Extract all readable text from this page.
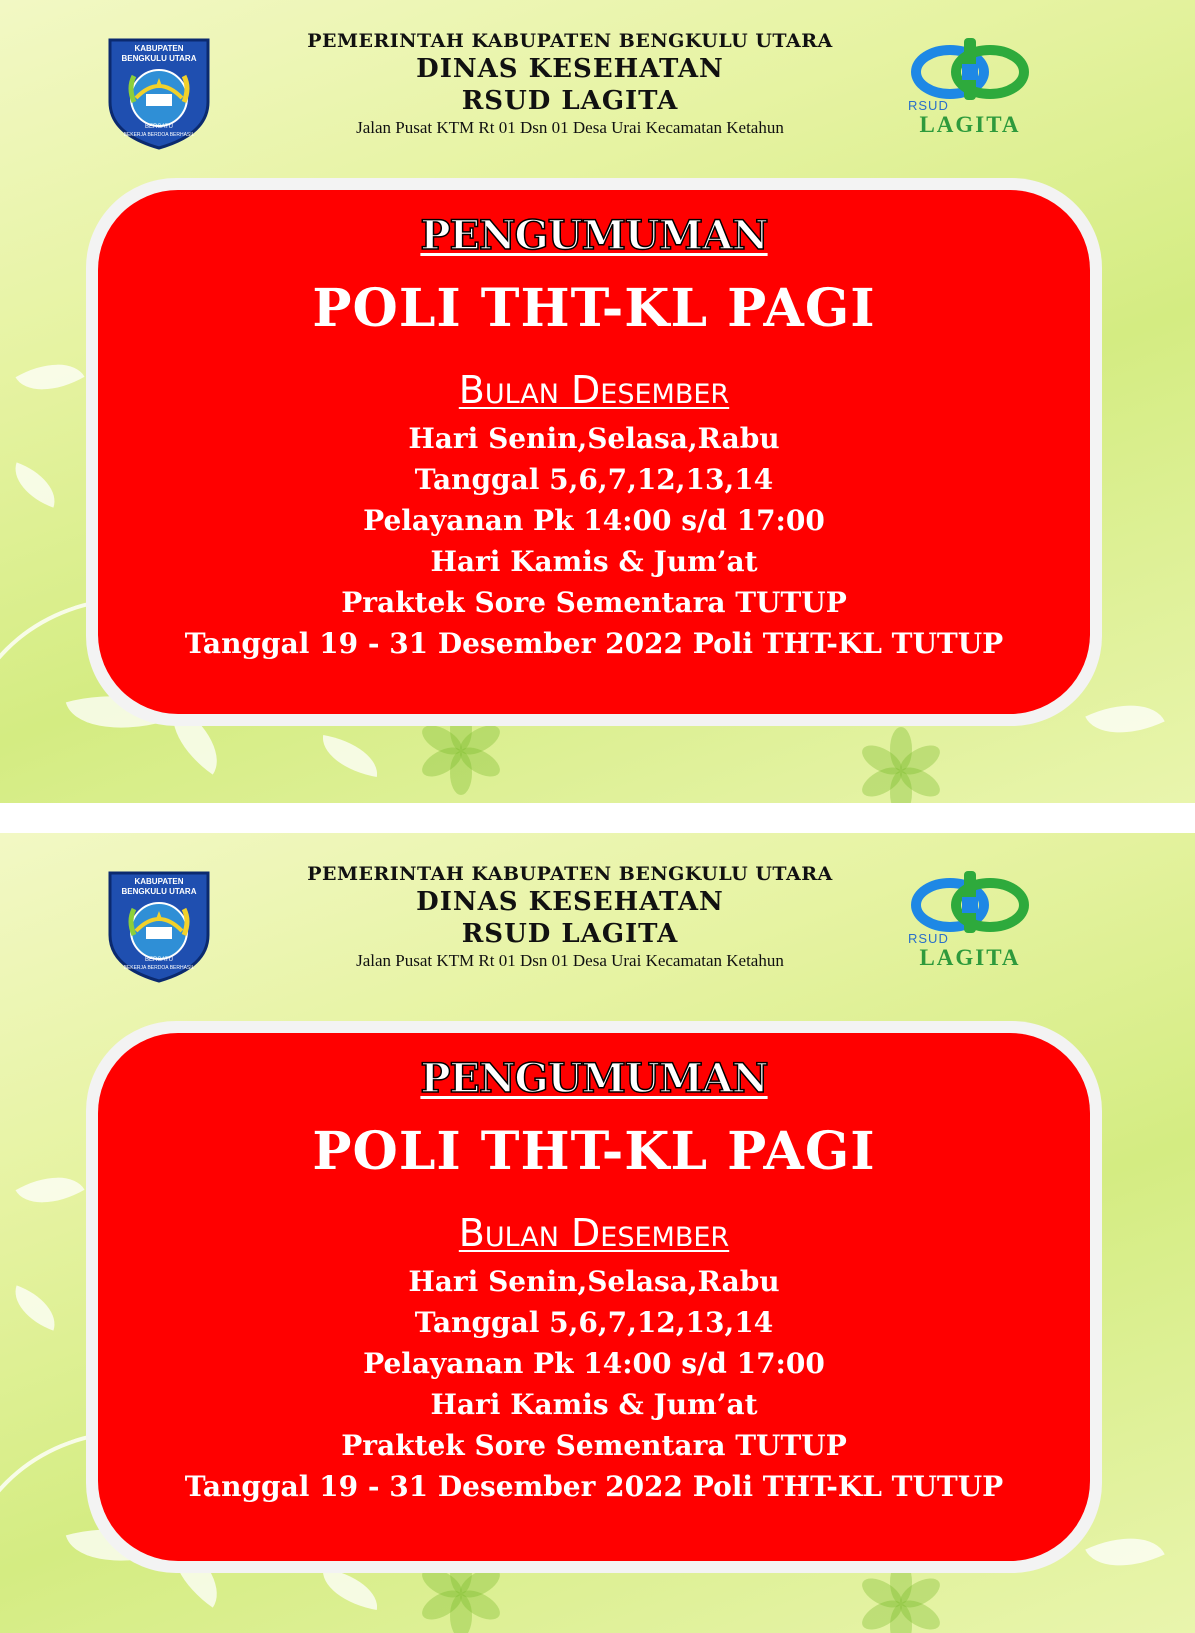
KABUPATEN
BENGKULU UTARA
BERSATU
BEKERJA BERDOA BERHASIL
PEMERINTAH KABUPATEN BENGKULU UTARA
DINAS KESEHATAN
RSUD LAGITA
Jalan Pusat KTM Rt 01 Dsn 01 Desa Urai Kecamatan Ketahun
RSUD
LAGITA
PENGUMUMAN
POLI THT-KL PAGI
Bulan Desember
Hari Senin,Selasa,Rabu
Tanggal 5,6,7,12,13,14
Pelayanan Pk 14:00 s/d 17:00
Hari Kamis & Jum’at
Praktek Sore Sementara TUTUP
Tanggal 19 - 31 Desember 2022 Poli THT-KL TUTUP
KABUPATEN
BENGKULU UTARA
BERSATU
BEKERJA BERDOA BERHASIL
PEMERINTAH KABUPATEN BENGKULU UTARA
DINAS KESEHATAN
RSUD LAGITA
Jalan Pusat KTM Rt 01 Dsn 01 Desa Urai Kecamatan Ketahun
RSUD
LAGITA
PENGUMUMAN
POLI THT-KL PAGI
Bulan Desember
Hari Senin,Selasa,Rabu
Tanggal 5,6,7,12,13,14
Pelayanan Pk 14:00 s/d 17:00
Hari Kamis & Jum’at
Praktek Sore Sementara TUTUP
Tanggal 19 - 31 Desember 2022 Poli THT-KL TUTUP
